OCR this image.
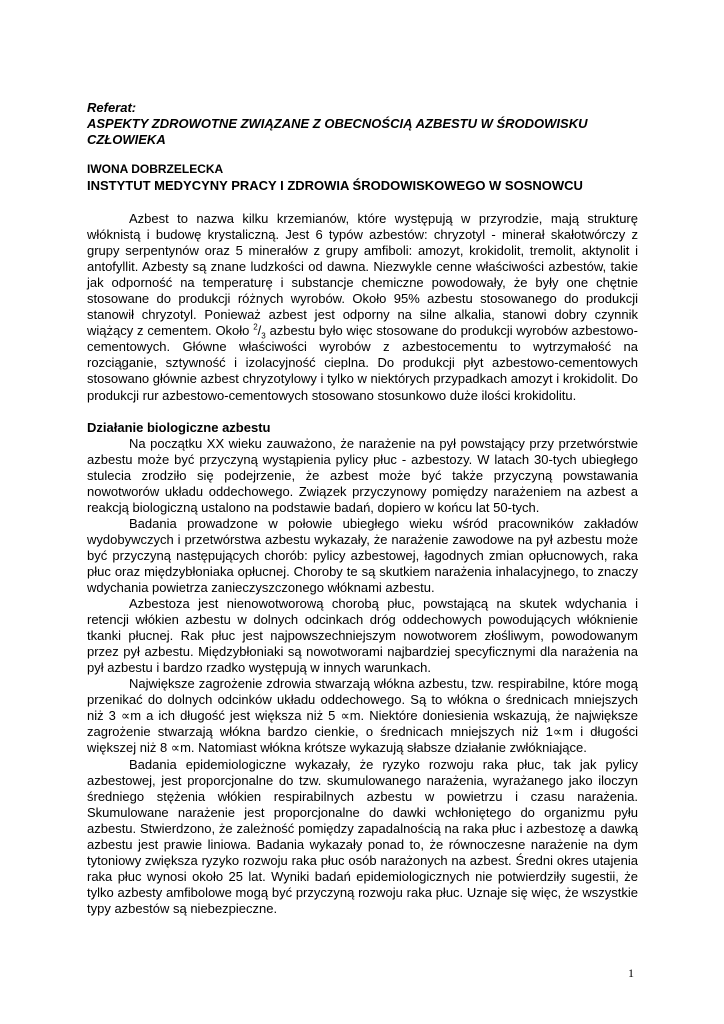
Referat:

ASPEKTY ZDROWOTNE ZWIĄZANE Z OBECNOŚCIĄ AZBESTU W ŚRODOWISKU CZŁOWIEKA

IWONA DOBRZELECKA

INSTYTUT MEDYCYNY PRACY I ZDROWIA ŚRODOWISKOWEGO W SOSNOWCU

Azbest to nazwa kilku krzemianów, które występują w przyrodzie, mają strukturę włóknistą i budowę krystaliczną. Jest 6 typów azbestów: chryzotyl - minerał skałotwórczy z grupy serpentynów oraz 5 minerałów z grupy amfiboli: amozyt, krokidolit, tremolit, aktynolit i antofyllit. Azbesty są znane ludzkości od dawna. Niezwykle cenne właściwości azbestów, takie jak odporność na temperaturę i substancje chemiczne powodowały, że były one chętnie stosowane do produkcji różnych wyrobów. Około 95% azbestu stosowanego do produkcji stanowił chryzotyl. Ponieważ azbest jest odporny na silne alkalia, stanowi dobry czynnik wiążący z cementem. Około $^2/_3$ azbestu było więc stosowane do produkcji wyrobów azbestowo-cementowych. Główne właściwości wyrobów z azbestocementu to wytrzymałość na rozciąganie, sztywność i izolacyjność cieplna. Do produkcji płyt azbestowo-cementowych stosowano głównie azbest chryzotylowy i tylko w niektórych przypadkach amozyt i krokidolit. Do produkcji rur azbestowo-cementowych stosowano stosunkowo duże ilości krokidolitu.

Działanie biologiczne azbestu

Na początku XX wieku zauważono, że narażenie na pył powstający przy przetwórstwie azbestu może być przyczyną wystąpienia pylicy płuc - azbestozy. W latach 30-tych ubiegłego stulecia zrodziło się podejrzenie, że azbest może być także przyczyną powstawania nowotworów układu oddechowego. Związek przyczynowy pomiędzy narażeniem na azbest a reakcją biologiczną ustalono na podstawie badań, dopiero w końcu lat 50-tych.

Badania prowadzone w połowie ubiegłego wieku wśród pracowników zakładów wydobywczych i przetwórstwa azbestu wykazały, że narażenie zawodowe na pył azbestu może być przyczyną następujących chorób: pylicy azbestowej, łagodnych zmian opłucnowych, raka płuc oraz międzybłoniaka opłucnej. Choroby te są skutkiem narażenia inhalacyjnego, to znaczy wdychania powietrza zanieczyszczonego włóknami azbestu.

Azbestoza jest nienowotworową chorobą płuc, powstającą na skutek wdychania i retencji włókien azbestu w dolnych odcinkach dróg oddechowych powodujących włóknienie tkanki płucnej. Rak płuc jest najpowszechniejszym nowotworem złośliwym, powodowanym przez pył azbestu. Międzybłoniaki są nowotworami najbardziej specyficznymi dla narażenia na pył azbestu i bardzo rzadko występują w innych warunkach.

Największe zagrożenie zdrowia stwarzają włókna azbestu, tzw. respirabilne, które mogą przenikać do dolnych odcinków układu oddechowego. Są to włókna o średnicach mniejszych niż 3 ∝m a ich długość jest większa niż 5 ∝m. Niektóre doniesienia wskazują, że największe zagrożenie stwarzają włókna bardzo cienkie, o średnicach mniejszych niż 1∝m i długości większej niż 8 ∝m. Natomiast włókna krótsze wykazują słabsze działanie zwłókniające.

Badania epidemiologiczne wykazały, że ryzyko rozwoju raka płuc, tak jak pylicy azbestowej, jest proporcjonalne do tzw. skumulowanego narażenia, wyrażanego jako iloczyn średniego stężenia włókien respirabilnych azbestu w powietrzu i czasu narażenia. Skumulowane narażenie jest proporcjonalne do dawki wchłoniętego do organizmu pyłu azbestu. Stwierdzono, że zależność pomiędzy zapadalnością na raka płuc i azbestozę a dawką azbestu jest prawie liniowa. Badania wykazały ponad to, że równoczesne narażenie na dym tytoniowy zwiększa ryzyko rozwoju raka płuc osób narażonych na azbest. Średni okres utajenia raka płuc wynosi około 25 lat. Wyniki badań epidemiologicznych nie potwierdziły sugestii, że tylko azbesty amfibolowe mogą być przyczyną rozwoju raka płuc. Uznaje się więc, że wszystkie typy azbestów są niebezpieczne.

1
